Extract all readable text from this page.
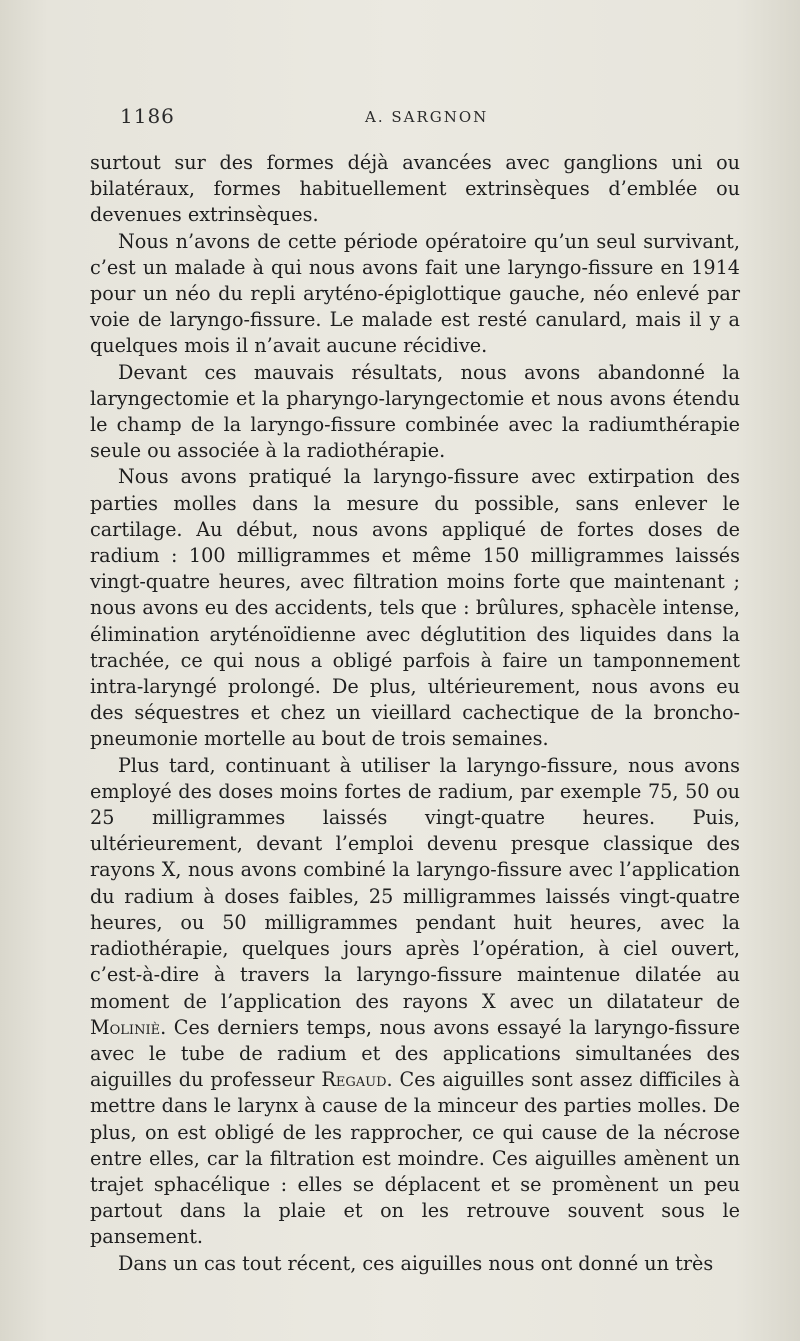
1186	A. SARGNON

surtout sur des formes déjà avancées avec ganglions uni ou bilatéraux, formes habituellement extrinsèques d’emblée ou devenues extrinsèques.

Nous n’avons de cette période opératoire qu’un seul survivant, c’est un malade à qui nous avons fait une laryngo-fissure en 1914 pour un néo du repli aryténo-épiglottique gauche, néo enlevé par voie de laryngo-fissure. Le malade est resté canulard, mais il y a quelques mois il n’avait aucune récidive.

Devant ces mauvais résultats, nous avons abandonné la laryngectomie et la pharyngo-laryngectomie et nous avons étendu le champ de la laryngo-fissure combinée avec la radiumthérapie seule ou associée à la radiothérapie.

Nous avons pratiqué la laryngo-fissure avec extirpation des parties molles dans la mesure du possible, sans enlever le cartilage. Au début, nous avons appliqué de fortes doses de radium : 100 milligrammes et même 150 milligrammes laissés vingt-quatre heures, avec filtration moins forte que maintenant ; nous avons eu des accidents, tels que : brûlures, sphacèle intense, élimination aryténoïdienne avec déglutition des liquides dans la trachée, ce qui nous a obligé parfois à faire un tamponnement intra-laryngé prolongé. De plus, ultérieurement, nous avons eu des séquestres et chez un vieillard cachectique de la broncho-pneumonie mortelle au bout de trois semaines.

Plus tard, continuant à utiliser la laryngo-fissure, nous avons employé des doses moins fortes de radium, par exemple 75, 50 ou 25 milligrammes laissés vingt-quatre heures. Puis, ultérieurement, devant l’emploi devenu presque classique des rayons X, nous avons combiné la laryngo-fissure avec l’application du radium à doses faibles, 25 milligrammes laissés vingt-quatre heures, ou 50 milligrammes pendant huit heures, avec la radiothérapie, quelques jours après l’opération, à ciel ouvert, c’est-à-dire à travers la laryngo-fissure maintenue dilatée au moment de l’application des rayons X avec un dilatateur de Moliniè. Ces derniers temps, nous avons essayé la laryngo-fissure avec le tube de radium et des applications simultanées des aiguilles du professeur Regaud. Ces aiguilles sont assez difficiles à mettre dans le larynx à cause de la minceur des parties molles. De plus, on est obligé de les rapprocher, ce qui cause de la nécrose entre elles, car la filtration est moindre. Ces aiguilles amènent un trajet sphacélique : elles se déplacent et se promènent un peu partout dans la plaie et on les retrouve souvent sous le pansement.

Dans un cas tout récent, ces aiguilles nous ont donné un très
